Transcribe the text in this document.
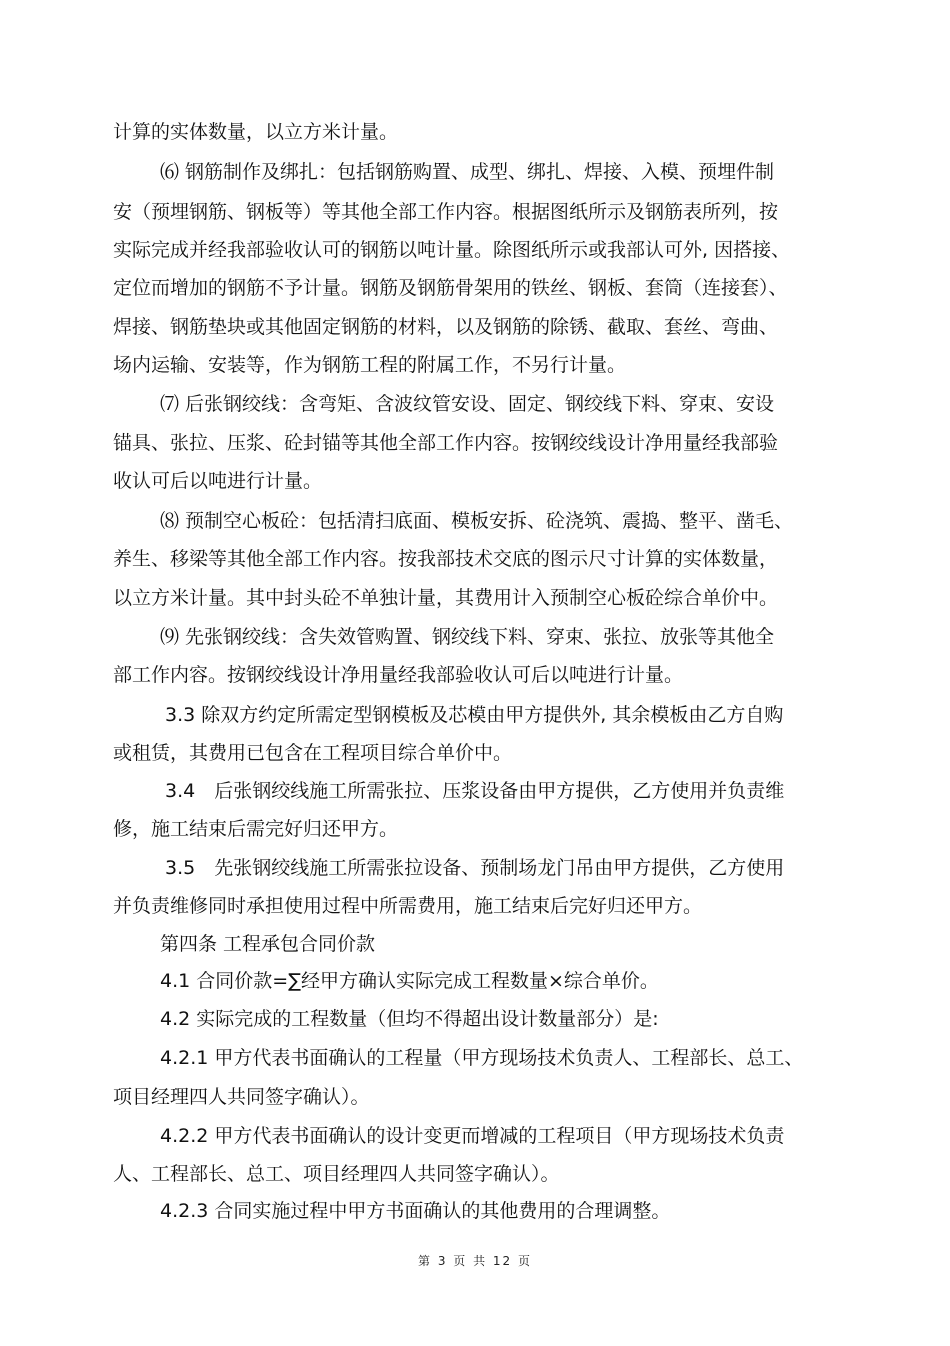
计算的实体数量，以立方米计量。
⑹ 钢筋制作及绑扎：包括钢筋购置、成型、绑扎、焊接、入模、预埋件制
安（预埋钢筋、钢板等）等其他全部工作内容。根据图纸所示及钢筋表所列，按
实际完成并经我部验收认可的钢筋以吨计量。除图纸所示或我部认可外, 因搭接、
定位而增加的钢筋不予计量。钢筋及钢筋骨架用的铁丝、钢板、套筒（连接套）、
焊接、钢筋垫块或其他固定钢筋的材料，以及钢筋的除锈、截取、套丝、弯曲、
场内运输、安装等，作为钢筋工程的附属工作，不另行计量。
⑺ 后张钢绞线：含弯矩、含波纹管安设、固定、钢绞线下料、穿束、安设
锚具、张拉、压浆、砼封锚等其他全部工作内容。按钢绞线设计净用量经我部验
收认可后以吨进行计量。
⑻ 预制空心板砼：包括清扫底面、模板安拆、砼浇筑、震捣、整平、凿毛、
养生、移梁等其他全部工作内容。按我部技术交底的图示尺寸计算的实体数量，
以立方米计量。其中封头砼不单独计量，其费用计入预制空心板砼综合单价中。
⑼ 先张钢绞线：含失效管购置、钢绞线下料、穿束、张拉、放张等其他全
部工作内容。按钢绞线设计净用量经我部验收认可后以吨进行计量。
3.3 除双方约定所需定型钢模板及芯模由甲方提供外, 其余模板由乙方自购
或租赁，其费用已包含在工程项目综合单价中。
3.4　后张钢绞线施工所需张拉、压浆设备由甲方提供，乙方使用并负责维
修，施工结束后需完好归还甲方。
3.5　先张钢绞线施工所需张拉设备、预制场龙门吊由甲方提供，乙方使用
并负责维修同时承担使用过程中所需费用，施工结束后完好归还甲方。
第四条 工程承包合同价款
4.1 合同价款=∑经甲方确认实际完成工程数量×综合单价。
4.2 实际完成的工程数量（但均不得超出设计数量部分）是:
4.2.1 甲方代表书面确认的工程量（甲方现场技术负责人、工程部长、总工、
项目经理四人共同签字确认）。
4.2.2 甲方代表书面确认的设计变更而增减的工程项目（甲方现场技术负责
人、工程部长、总工、项目经理四人共同签字确认）。
4.2.3 合同实施过程中甲方书面确认的其他费用的合理调整。
第 3 页 共 12 页
